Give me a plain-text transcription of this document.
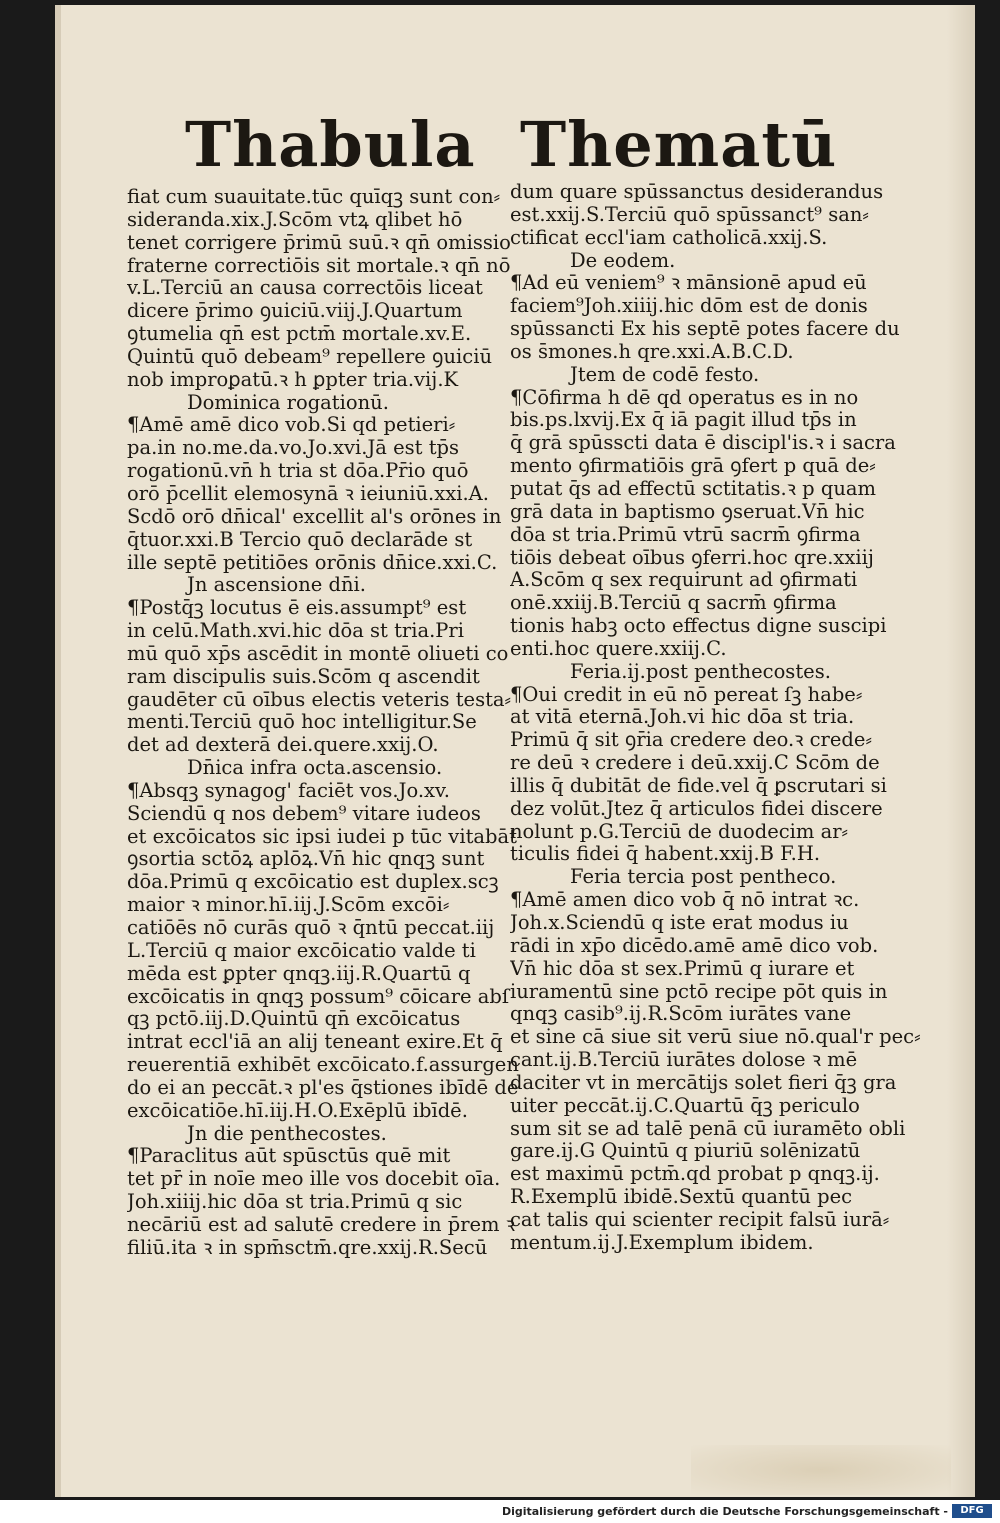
Thabula Thematū
fiat cum suauitate.tūc quīqꝫ sunt con⸗
sideranda.xix.J.Scōm vtꝝ qlibet hō
tenet corrigere p̄rimū suū.ꝛ qn̄ omissio
fraterne correctiōis sit mortale.ꝛ qn̄ nō
v.L.Terciū an causa correctōis liceat
dicere p̄rimo ꝯuiciū.viij.J.Quartum
ꝯtumelia qn̄ est pctm̄ mortale.xv.E.
Quintū quō debeam⁹ repellere ꝯuiciū
nob̄ improꝑatū.ꝛ h̄ ꝑpter tria.vij.K
Dominica rogationū.
¶Amē amē dico vob.Si qd petieri⸗
pa.in no.me.da.vo.Jo.xvi.Jā est tp̄s
rogationū.vn̄ h̄ tria st̄ dōa.Pr̄io quō
orō p̄cellit elemosynā ꝛ ieiuniū.xxi.A.
Scdō orō dn̄ical' excellit al's orōnes in
q̄tuor.xxi.B Tercio quō declarāde st̄
ille septē petitiōes orōnis dn̄ice.xxi.C.
Jn ascensione dn̄i.
¶Postq̄ꝫ locutus ē eis.assumpt⁹ est
in celū.Math.xvi.hic dōa st̄ tria.Pri
mū quō xp̄s ascēdit in montē oliueti co
ram discipulis suis.Scōm q ascendit
gaudēter cū oībus electis veteris testa⸗
menti.Terciū quō hoc intelligitur.Se
det ad dexterā dei.quere.xxij.O.
Dn̄ica infra octa.ascensio.
¶Absqꝫ synagog' faciēt vos.Jo.xv.
Sciendū q nos debem⁹ vitare iudeos
et excōicatos sic ipsi iudei p tūc vitabāt
ꝯsortia sctōꝝ aplōꝝ.Vn̄ hic qnqꝫ sunt
dōa.Primū q excōicatio est duplex.scꝫ
maior ꝛ minor.hī.iij.J.Scōm excōi⸗
catiōēs nō curās quō ꝛ q̄ntū peccat.iij
L.Terciū q maior excōicatio valde ti
mēda est ꝑpter qnqꝫ.iij.R.Quartū q
excōicatis in qnqꝫ possum⁹ cōicare abſ
qꝫ pctō.iij.D.Quintū qn̄ excōicatus
intrat eccl'iā an alij teneant exire.Et q̄
reuerentiā exhibēt excōicato.f.assurgen
do ei an peccāt.ꝛ pl'es q̄stiones ibīdē de
excōicatiōe.hī.iij.H.O.Exēplū ibīdē.
Jn die penthecostes.
¶Paraclitus aūt spūsctūs quē mit
tet pr̄ in noīe meo ille vos docebit oīa.
Joh.xiiij.hic dōa st̄ tria.Primū q sic
necāriū est ad salutē credere in p̄rem ꝛ
filiū.ita ꝛ in spm̄sctm̄.qre.xxij.R.Secū
dum quare spūssanctus desiderandus
est.xxij.S.Terciū quō spūssanct⁹ san⸗
ctificat eccl'iam catholicā.xxij.S.
De eodem.
¶Ad eū veniem⁹ ꝛ mānsionē apud eū
faciem⁹Joh.xiiij.hic dōm est de donis
spūssancti Ex his septē potes facere du
os s̄mones.h̄ qre.xxi.A.B.C.D.
Jtem de codē festo.
¶Cōfirma h̄ dē qd̄ operatus es in no
bis.ps.lxvij.Ex q̄ iā pagit illud tp̄s in
q̄ grā spūsscti data ē discipl'is.ꝛ i sacra
mento ꝯfirmatiōis grā ꝯfert p quā de⸗
putat q̄s ad effectū sctitatis.ꝛ p quam
grā data in baptismo ꝯseruat.Vn̄ hic
dōa st̄ tria.Primū vtrū sacrm̄ ꝯfirma
tiōis debeat oībus ꝯferri.hoc qre.xxiij
A.Scōm q sex requirunt ad ꝯfirmati
onē.xxiij.B.Terciū q sacrm̄ ꝯfirma
tionis habꝫ octo effectus digne suscipi
enti.hoc quere.xxiij.C.
Feria.ij.post penthecostes.
¶Oui credit in eū nō pereat ſꝫ habe⸗
at vitā eternā.Joh.vi hic dōa st̄ tria.
Primū q̄ sit ꝯr̄ia credere deo.ꝛ crede⸗
re deū ꝛ credere i deū.xxij.C Scōm de
illis q̄ dubitāt de fide.vel q̄ ꝑscrutari si
dez volūt.Jtez q̄ articulos fidei discere
nolunt p.G.Terciū de duodecim ar⸗
ticulis fidei q̄ habent.xxij.B F.H.
Feria tercia post pentheco.
¶Amē amen dico vob q̄ nō intrat ꝛc.
Joh.x.Sciendū q iste erat modus iu
rādi in xp̄o dicēdo.amē amē dico vob.
Vn̄ hic dōa st̄ sex.Primū q iurare et
iuramentū sine pctō recipe pōt quis in
qnqꝫ casib⁹.ij.R.Scōm iurātes vane
et sine cā siue sit verū siue nō.qual'r pec⸗
cant.ij.B.Terciū iurātes dolose ꝛ mē
daciter vt in mercātijs solet fieri q̄ꝫ gra
uiter peccāt.ij.C.Quartū q̄ꝫ periculo
sum sit se ad talē penā cū iuramēto obli
gare.ij.G Quintū q piuriū solēnizatū
est maximū pctm̄.qd̄ probat p qnqꝫ.ij.
R.Exemplū ibidē.Sextū quantū pec
cat talis qui scienter recipit falsū iurā⸗
mentum.ij.J.Exemplum ibidem.
Digitalisierung gefördert durch die Deutsche Forschungsgemeinschaft -	DFG
